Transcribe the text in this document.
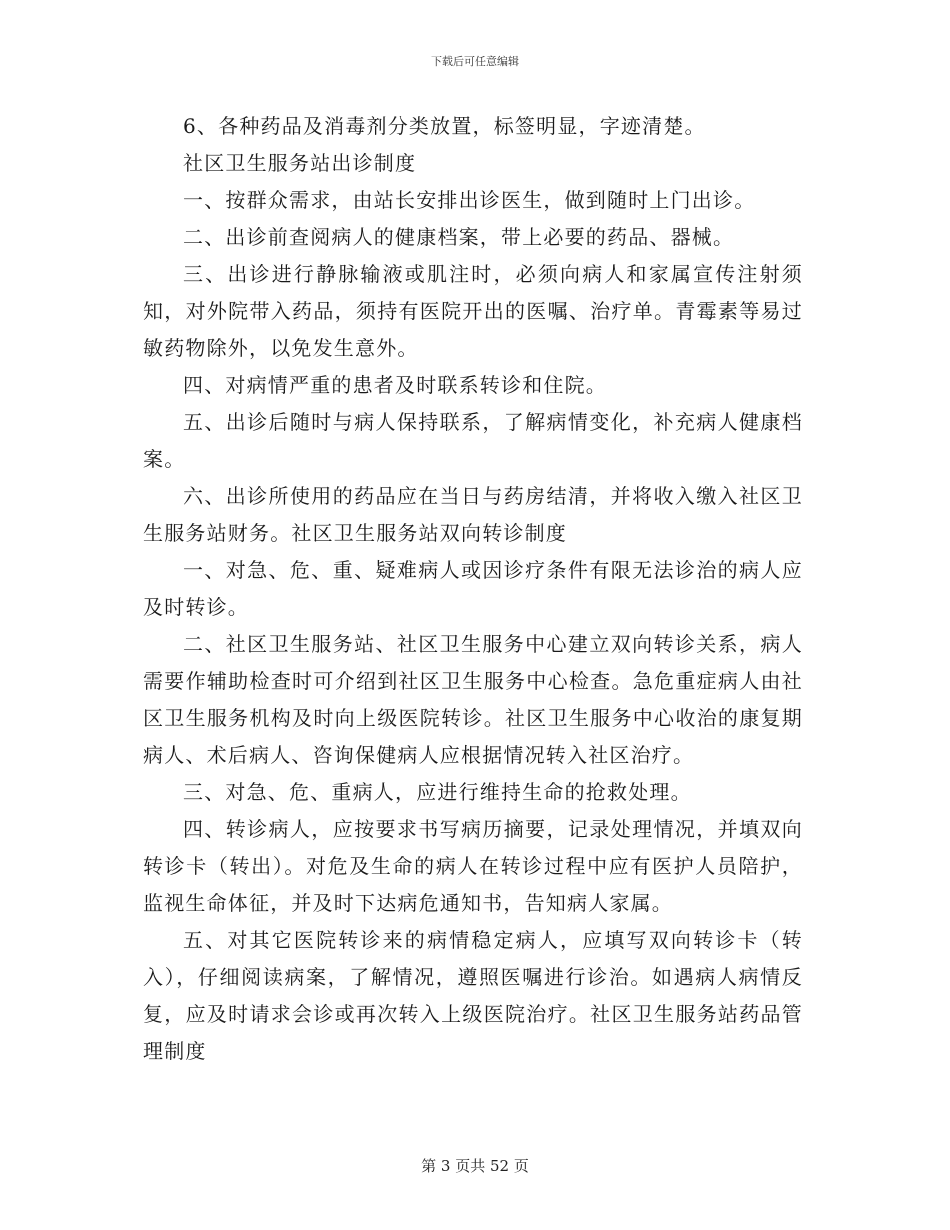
下载后可任意编辑

6、各种药品及消毒剂分类放置，标签明显，字迹清楚。

社区卫生服务站出诊制度

一、按群众需求，由站长安排出诊医生，做到随时上门出诊。

二、出诊前查阅病人的健康档案，带上必要的药品、器械。

三、出诊进行静脉输液或肌注时，必须向病人和家属宣传注射须知，对外院带入药品，须持有医院开出的医嘱、治疗单。青霉素等易过敏药物除外，以免发生意外。

四、对病情严重的患者及时联系转诊和住院。

五、出诊后随时与病人保持联系，了解病情变化，补充病人健康档案。

六、出诊所使用的药品应在当日与药房结清，并将收入缴入社区卫生服务站财务。社区卫生服务站双向转诊制度

一、对急、危、重、疑难病人或因诊疗条件有限无法诊治的病人应及时转诊。

二、社区卫生服务站、社区卫生服务中心建立双向转诊关系，病人需要作辅助检查时可介绍到社区卫生服务中心检查。急危重症病人由社区卫生服务机构及时向上级医院转诊。社区卫生服务中心收治的康复期病人、术后病人、咨询保健病人应根据情况转入社区治疗。

三、对急、危、重病人，应进行维持生命的抢救处理。

四、转诊病人，应按要求书写病历摘要，记录处理情况，并填双向转诊卡（转出）。对危及生命的病人在转诊过程中应有医护人员陪护，监视生命体征，并及时下达病危通知书，告知病人家属。

五、对其它医院转诊来的病情稳定病人，应填写双向转诊卡（转入），仔细阅读病案，了解情况，遵照医嘱进行诊治。如遇病人病情反复，应及时请求会诊或再次转入上级医院治疗。社区卫生服务站药品管理制度

第 3 页共 52 页
